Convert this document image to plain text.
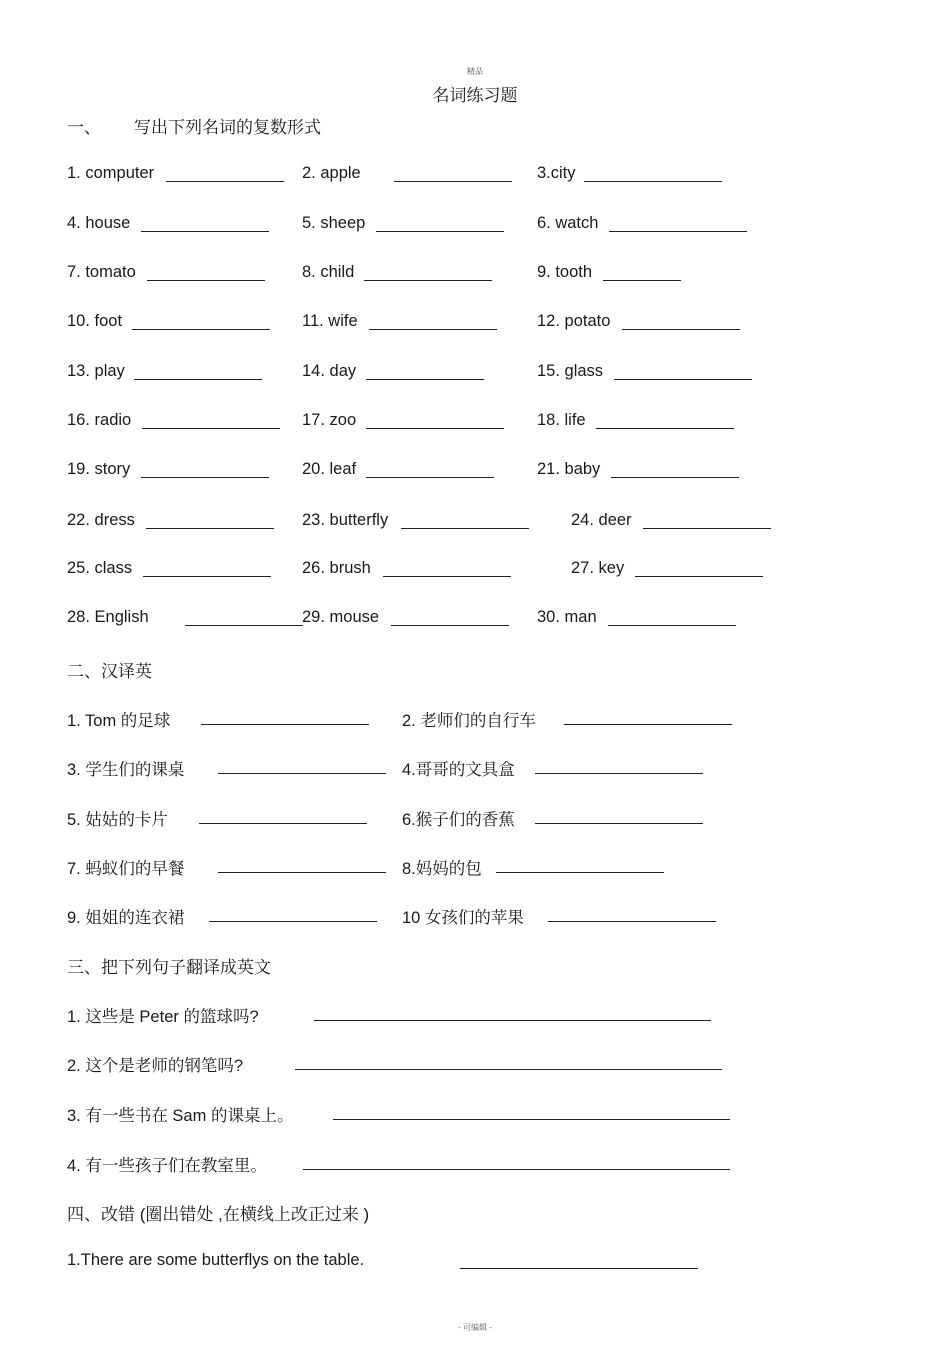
精品
名词练习题
一、 写出下列名词的复数形式
1. computer	2. apple	3.city
4. house	5. sheep	6. watch
7. tomato	8. child	9. tooth
10. foot	11. wife	12. potato
13. play	14. day	15. glass
16. radio	17. zoo	18. life
19. story	20. leaf	21. baby
22. dress	23. butterfly	24. deer
25. class	26. brush	27. key
28. English	29. mouse	30. man
二、汉译英
1. Tom 的足球	2. 老师们的自行车
3. 学生们的课桌	4.哥哥的文具盒
5. 姑姑的卡片	6.猴子们的香蕉
7. 蚂蚁们的早餐	8.妈妈的包
9. 姐姐的连衣裙	10 女孩们的苹果
三、把下列句子翻译成英文
1. 这些是 Peter 的篮球吗?
2. 这个是老师的钢笔吗?
3. 有一些书在 Sam 的课桌上。
4. 有一些孩子们在教室里。
四、改错 (圈出错处 ,在横线上改正过来 )
1.There are some butterflys on the table.
- 可编辑 -
